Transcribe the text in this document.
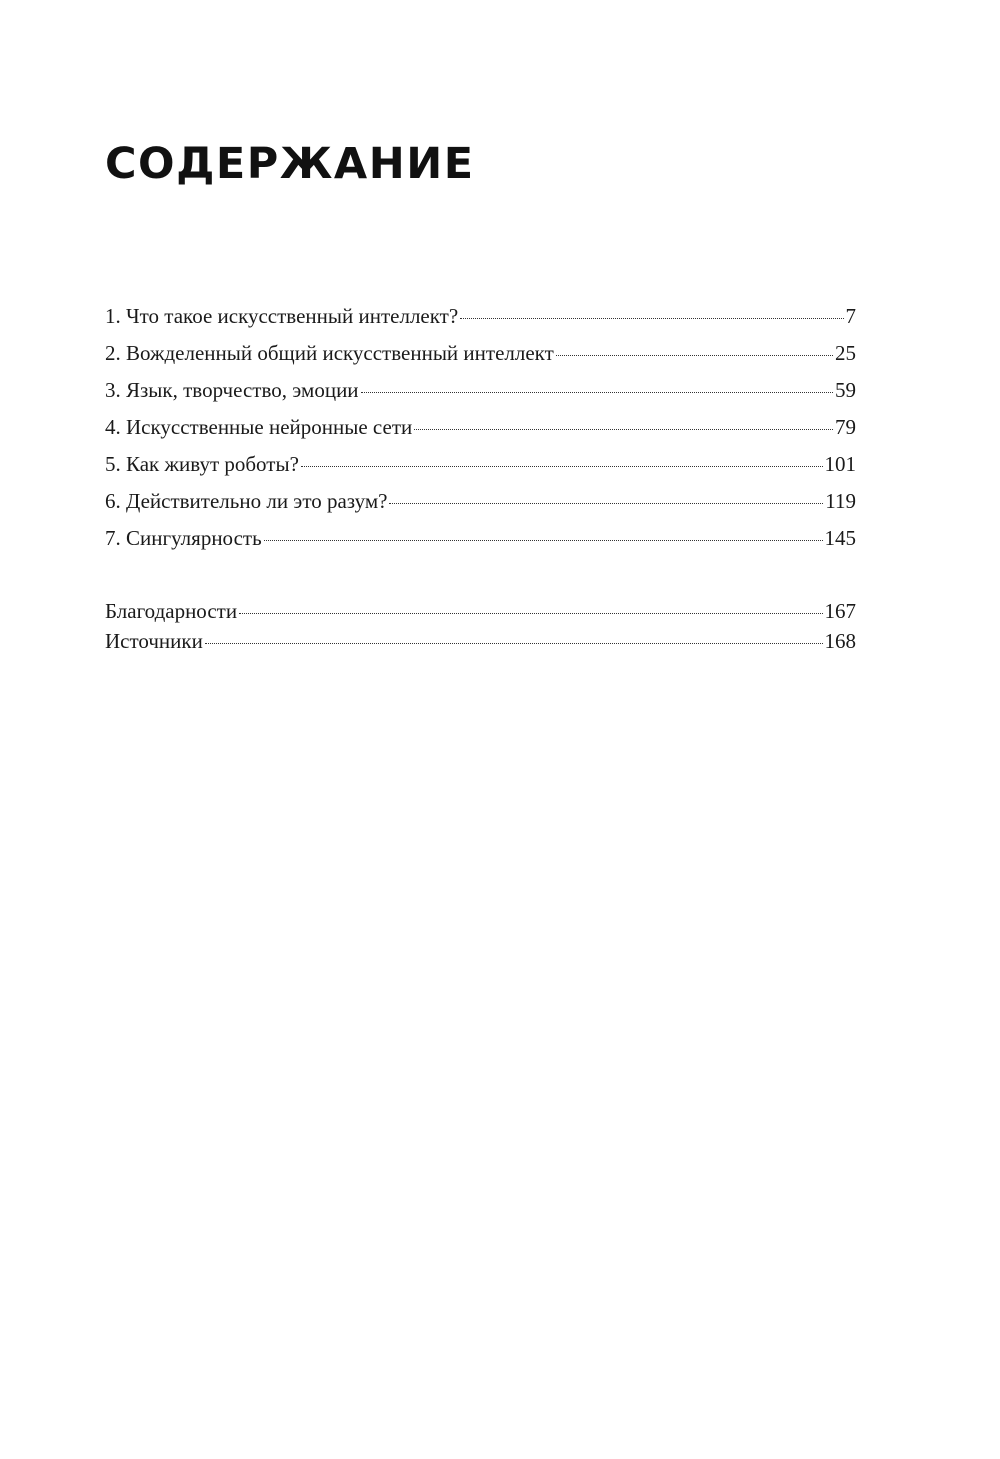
СОДЕРЖАНИЕ
1. Что такое искусственный интеллект?	7
2. Вожделенный общий искусственный интеллект	25
3. Язык, творчество, эмоции	59
4. Искусственные нейронные сети	79
5. Как живут роботы?	101
6. Действительно ли это разум?	119
7. Сингулярность	145
Благодарности	167
Источники	168
